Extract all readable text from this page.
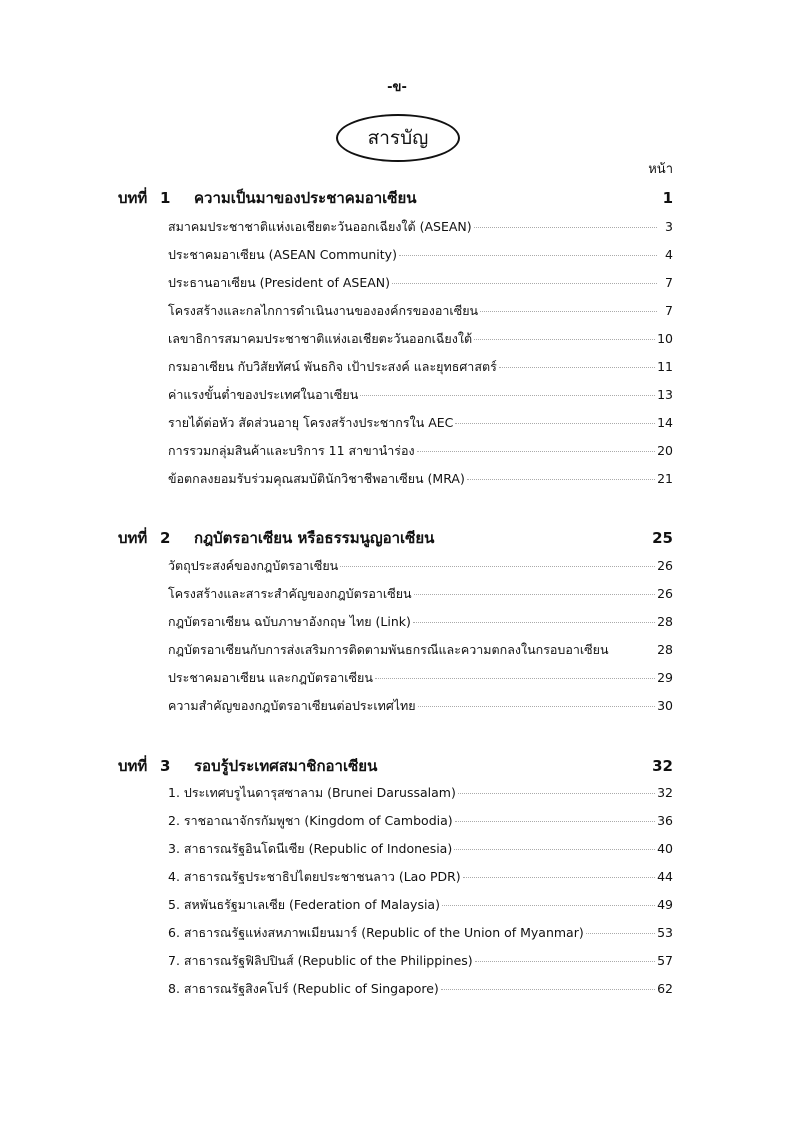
-ข-
สารบัญ
หน้า
บทที่ 1	ความเป็นมาของประชาคมอาเซียน	1
สมาคมประชาชาติแห่งเอเชียตะวันออกเฉียงใต้ (ASEAN)	3
ประชาคมอาเซียน (ASEAN Community)	4
ประธานอาเซียน (President of ASEAN)	7
โครงสร้างและกลไกการดำเนินงานขององค์กรของอาเซียน	7
เลขาธิการสมาคมประชาชาติแห่งเอเชียตะวันออกเฉียงใต้	10
กรมอาเซียน กับวิสัยทัศน์ พันธกิจ เป้าประสงค์ และยุทธศาสตร์	11
ค่าแรงขั้นต่ำของประเทศในอาเซียน	13
รายได้ต่อหัว สัดส่วนอายุ โครงสร้างประชากรใน AEC	14
การรวมกลุ่มสินค้าและบริการ 11 สาขานำร่อง	20
ข้อตกลงยอมรับร่วมคุณสมบัตินักวิชาชีพอาเซียน (MRA)	21
บทที่ 2	กฎบัตรอาเซียน หรือธรรมนูญอาเซียน	25
วัตถุประสงค์ของกฎบัตรอาเซียน	26
โครงสร้างและสาระสำคัญของกฎบัตรอาเซียน	26
กฎบัตรอาเซียน ฉบับภาษาอังกฤษ ไทย (Link)	28
กฎบัตรอาเซียนกับการส่งเสริมการติดตามพันธกรณีและความตกลงในกรอบอาเซียน	28
ประชาคมอาเซียน และกฎบัตรอาเซียน	29
ความสำคัญของกฎบัตรอาเซียนต่อประเทศไทย	30
บทที่ 3	รอบรู้ประเทศสมาชิกอาเซียน	32
1. ประเทศบรูไนดารุสซาลาม (Brunei Darussalam)	32
2. ราชอาณาจักรกัมพูชา (Kingdom of Cambodia)	36
3. สาธารณรัฐอินโดนีเซีย (Republic of Indonesia)	40
4. สาธารณรัฐประชาธิปไตยประชาชนลาว (Lao PDR)	44
5. สหพันธรัฐมาเลเซีย (Federation of Malaysia)	49
6. สาธารณรัฐแห่งสหภาพเมียนมาร์ (Republic of the Union of Myanmar)	53
7. สาธารณรัฐฟิลิปปินส์ (Republic of the Philippines)	57
8. สาธารณรัฐสิงคโปร์ (Republic of Singapore)	62
